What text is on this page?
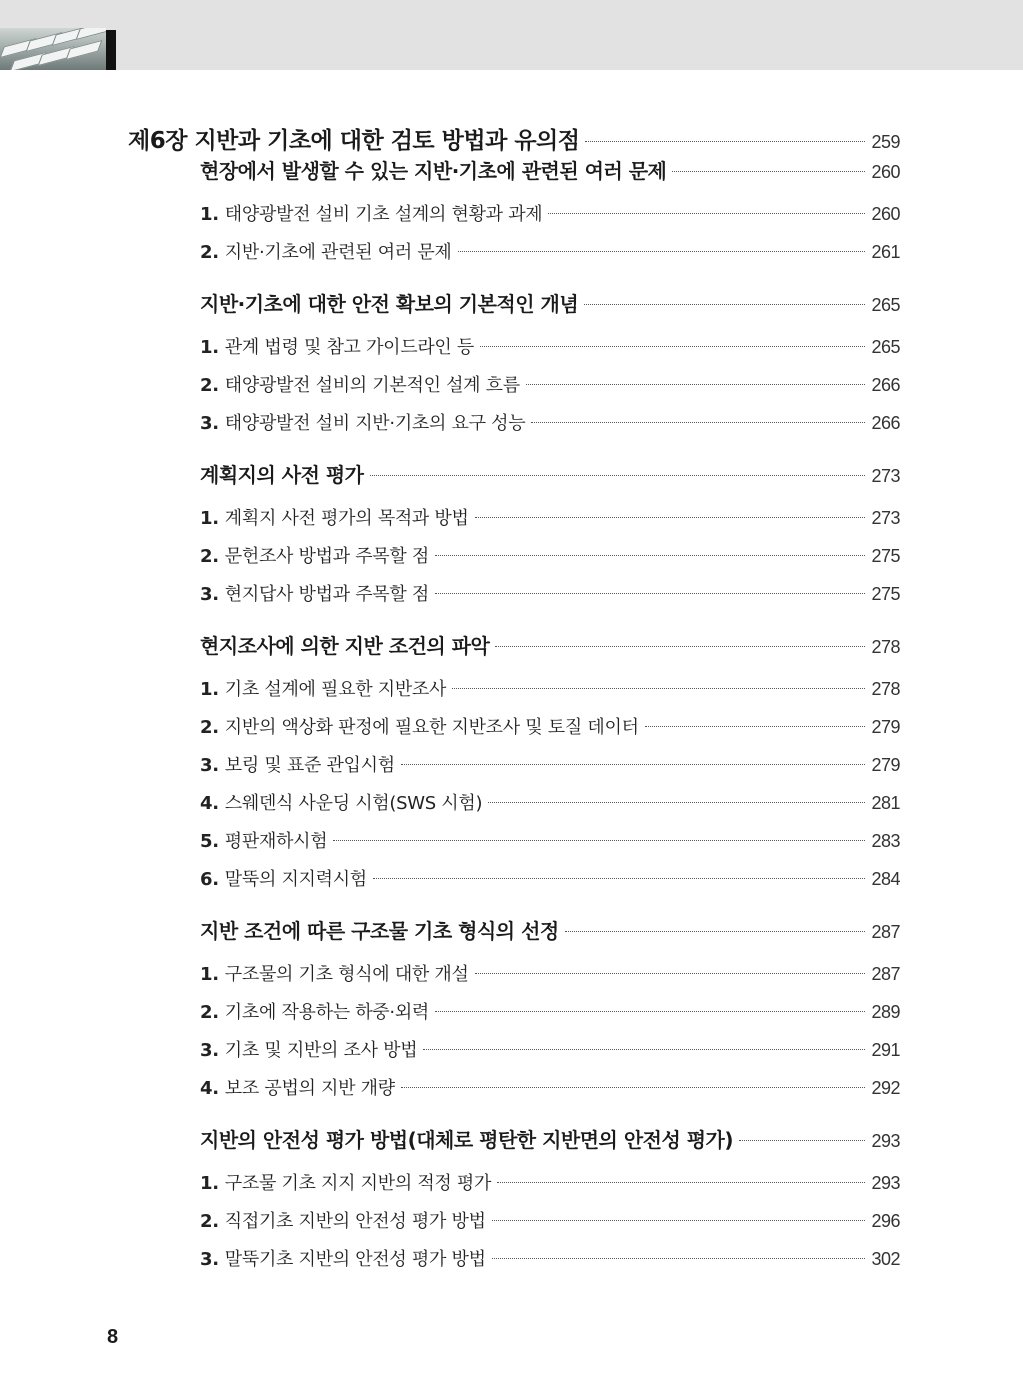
제6장 지반과 기초에 대한 검토 방법과 유의점	259
현장에서 발생할 수 있는 지반·기초에 관련된 여러 문제	260
1. 태양광발전 설비 기초 설계의 현황과 과제	260
2. 지반·기초에 관련된 여러 문제	261
지반·기초에 대한 안전 확보의 기본적인 개념	265
1. 관계 법령 및 참고 가이드라인 등	265
2. 태양광발전 설비의 기본적인 설계 흐름	266
3. 태양광발전 설비 지반·기초의 요구 성능	266
계획지의 사전 평가	273
1. 계획지 사전 평가의 목적과 방법	273
2. 문헌조사 방법과 주목할 점	275
3. 현지답사 방법과 주목할 점	275
현지조사에 의한 지반 조건의 파악	278
1. 기초 설계에 필요한 지반조사	278
2. 지반의 액상화 판정에 필요한 지반조사 및 토질 데이터	279
3. 보링 및 표준 관입시험	279
4. 스웨덴식 사운딩 시험(SWS 시험)	281
5. 평판재하시험	283
6. 말뚝의 지지력시험	284
지반 조건에 따른 구조물 기초 형식의 선정	287
1. 구조물의 기초 형식에 대한 개설	287
2. 기초에 작용하는 하중·외력	289
3. 기초 및 지반의 조사 방법	291
4. 보조 공법의 지반 개량	292
지반의 안전성 평가 방법(대체로 평탄한 지반면의 안전성 평가)	293
1. 구조물 기초 지지 지반의 적정 평가	293
2. 직접기초 지반의 안전성 평가 방법	296
3. 말뚝기초 지반의 안전성 평가 방법	302
8
